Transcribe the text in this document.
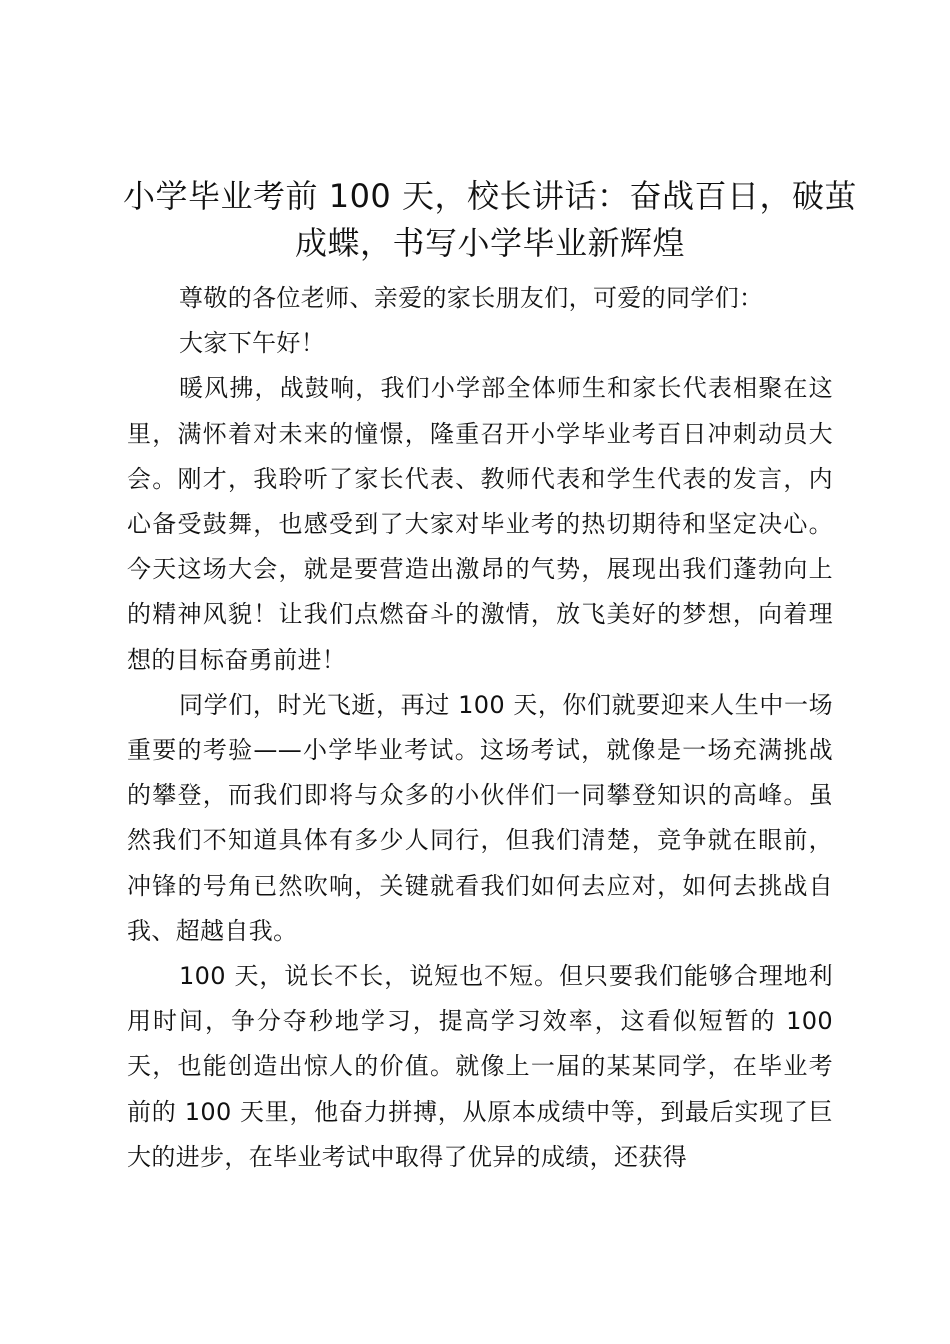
小学毕业考前 100 天，校长讲话：奋战百日，破茧成蝶，书写小学毕业新辉煌

尊敬的各位老师、亲爱的家长朋友们，可爱的同学们：

大家下午好！

暖风拂，战鼓响，我们小学部全体师生和家长代表相聚在这里，满怀着对未来的憧憬，隆重召开小学毕业考百日冲刺动员大会。刚才，我聆听了家长代表、教师代表和学生代表的发言，内心备受鼓舞，也感受到了大家对毕业考的热切期待和坚定决心。今天这场大会，就是要营造出激昂的气势，展现出我们蓬勃向上的精神风貌！让我们点燃奋斗的激情，放飞美好的梦想，向着理想的目标奋勇前进！

同学们，时光飞逝，再过 100 天，你们就要迎来人生中一场重要的考验——小学毕业考试。这场考试，就像是一场充满挑战的攀登，而我们即将与众多的小伙伴们一同攀登知识的高峰。虽然我们不知道具体有多少人同行，但我们清楚，竞争就在眼前，冲锋的号角已然吹响，关键就看我们如何去应对，如何去挑战自我、超越自我。

100 天，说长不长，说短也不短。但只要我们能够合理地利用时间，争分夺秒地学习，提高学习效率，这看似短暂的 100 天，也能创造出惊人的价值。就像上一届的某某同学，在毕业考前的 100 天里，他奋力拼搏，从原本成绩中等，到最后实现了巨大的进步，在毕业考试中取得了优异的成绩，还获得
